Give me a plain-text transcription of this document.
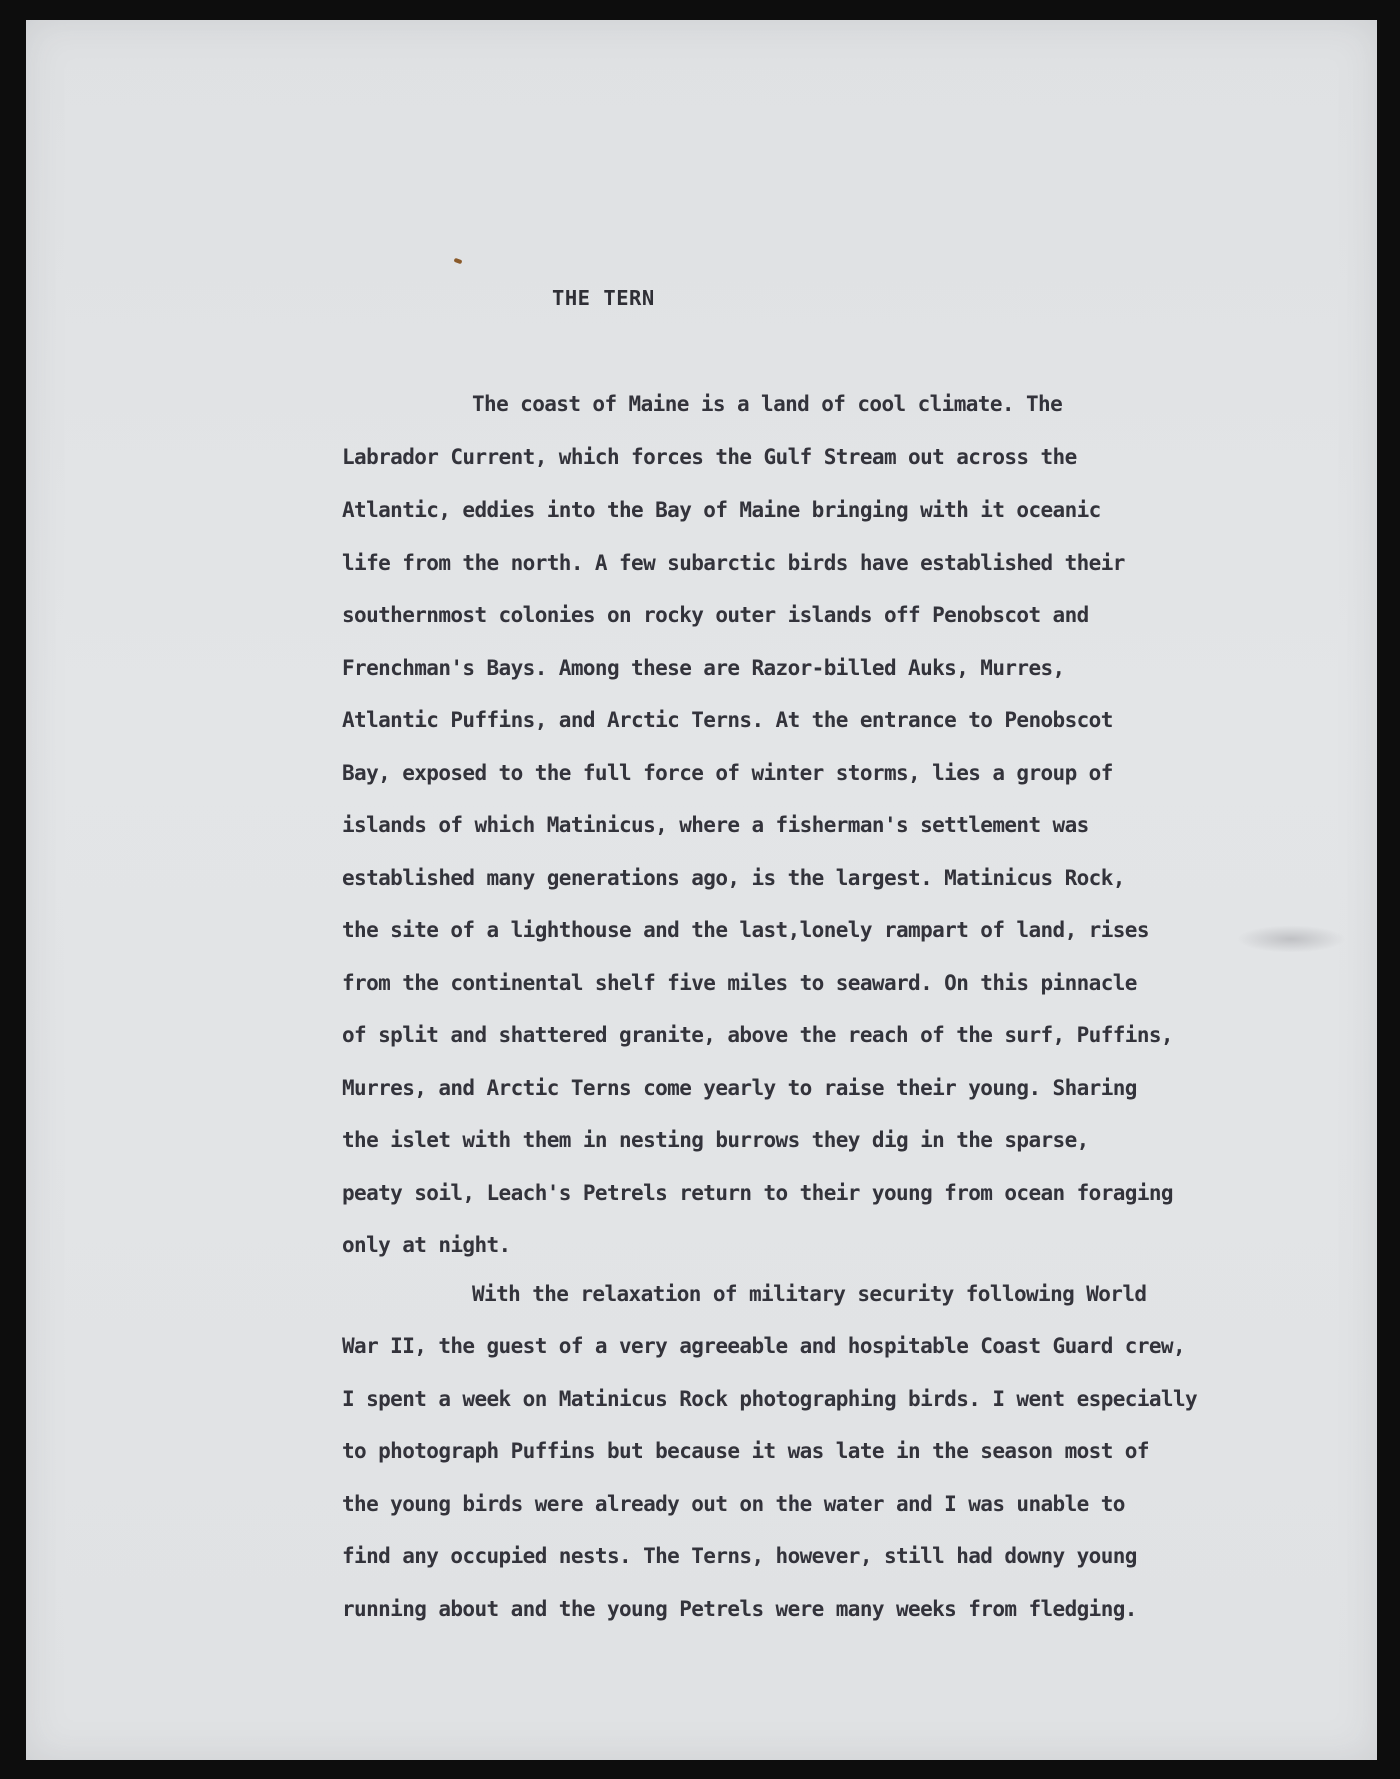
THE TERN

The coast of Maine is a land of cool climate. The

Labrador Current, which forces the Gulf Stream out across the

Atlantic, eddies into the Bay of Maine bringing with it oceanic

life from the north. A few subarctic birds have established their

southernmost colonies on rocky outer islands off Penobscot and

Frenchman's Bays. Among these are Razor-billed Auks, Murres,

Atlantic Puffins, and Arctic Terns. At the entrance to Penobscot

Bay, exposed to the full force of winter storms, lies a group of

islands of which Matinicus, where a fisherman's settlement was

established many generations ago, is the largest. Matinicus Rock,

the site of a lighthouse and the last,lonely rampart of land, rises

from the continental shelf five miles to seaward. On this pinnacle

of split and shattered granite, above the reach of the surf, Puffins,

Murres, and Arctic Terns come yearly to raise their young. Sharing

the islet with them in nesting burrows they dig in the sparse,

peaty soil, Leach's Petrels return to their young from ocean foraging

only at night.

With the relaxation of military security following World

War II, the guest of a very agreeable and hospitable Coast Guard crew,

I spent a week on Matinicus Rock photographing birds. I went especially

to photograph Puffins but because it was late in the season most of

the young birds were already out on the water and I was unable to

find any occupied nests. The Terns, however, still had downy young

running about and the young Petrels were many weeks from fledging.
